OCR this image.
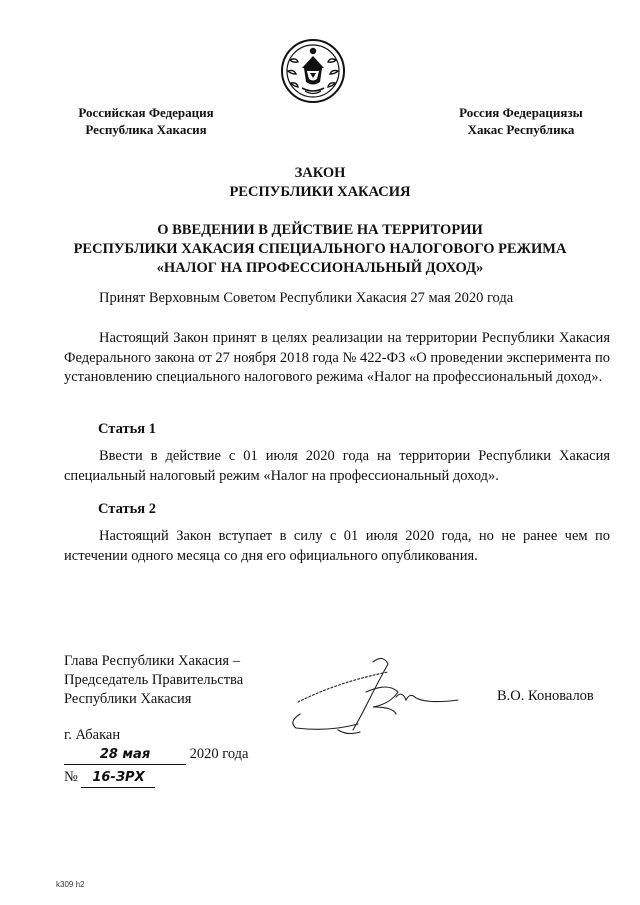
Российская Федерация
Республика Хакасия
Россия Федерациязы
Хакас Республика
ЗАКОН
РЕСПУБЛИКИ ХАКАСИЯ
О ВВЕДЕНИИ В ДЕЙСТВИЕ НА ТЕРРИТОРИИ
РЕСПУБЛИКИ ХАКАСИЯ СПЕЦИАЛЬНОГО НАЛОГОВОГО РЕЖИМА
«НАЛОГ НА ПРОФЕССИОНАЛЬНЫЙ ДОХОД»
Принят Верховным Советом Республики Хакасия 27 мая 2020 года
Настоящий Закон принят в целях реализации на территории Республики Хакасия Федерального закона от 27 ноября 2018 года № 422-ФЗ «О проведении эксперимента по установлению специального налогового режима «Налог на профессиональный доход».
Статья 1
Ввести в действие с 01 июля 2020 года на территории Республики Хакасия специальный налоговый режим «Налог на профессиональный доход».
Статья 2
Настоящий Закон вступает в силу с 01 июля 2020 года, но не ранее чем по истечении одного месяца со дня его официального опубликования.
Глава Республики Хакасия –
Председатель Правительства
Республики Хакасия	В.О. Коновалов
г. Абакан
28 мая	2020 года
№ 16-ЗРХ
k309 h2
